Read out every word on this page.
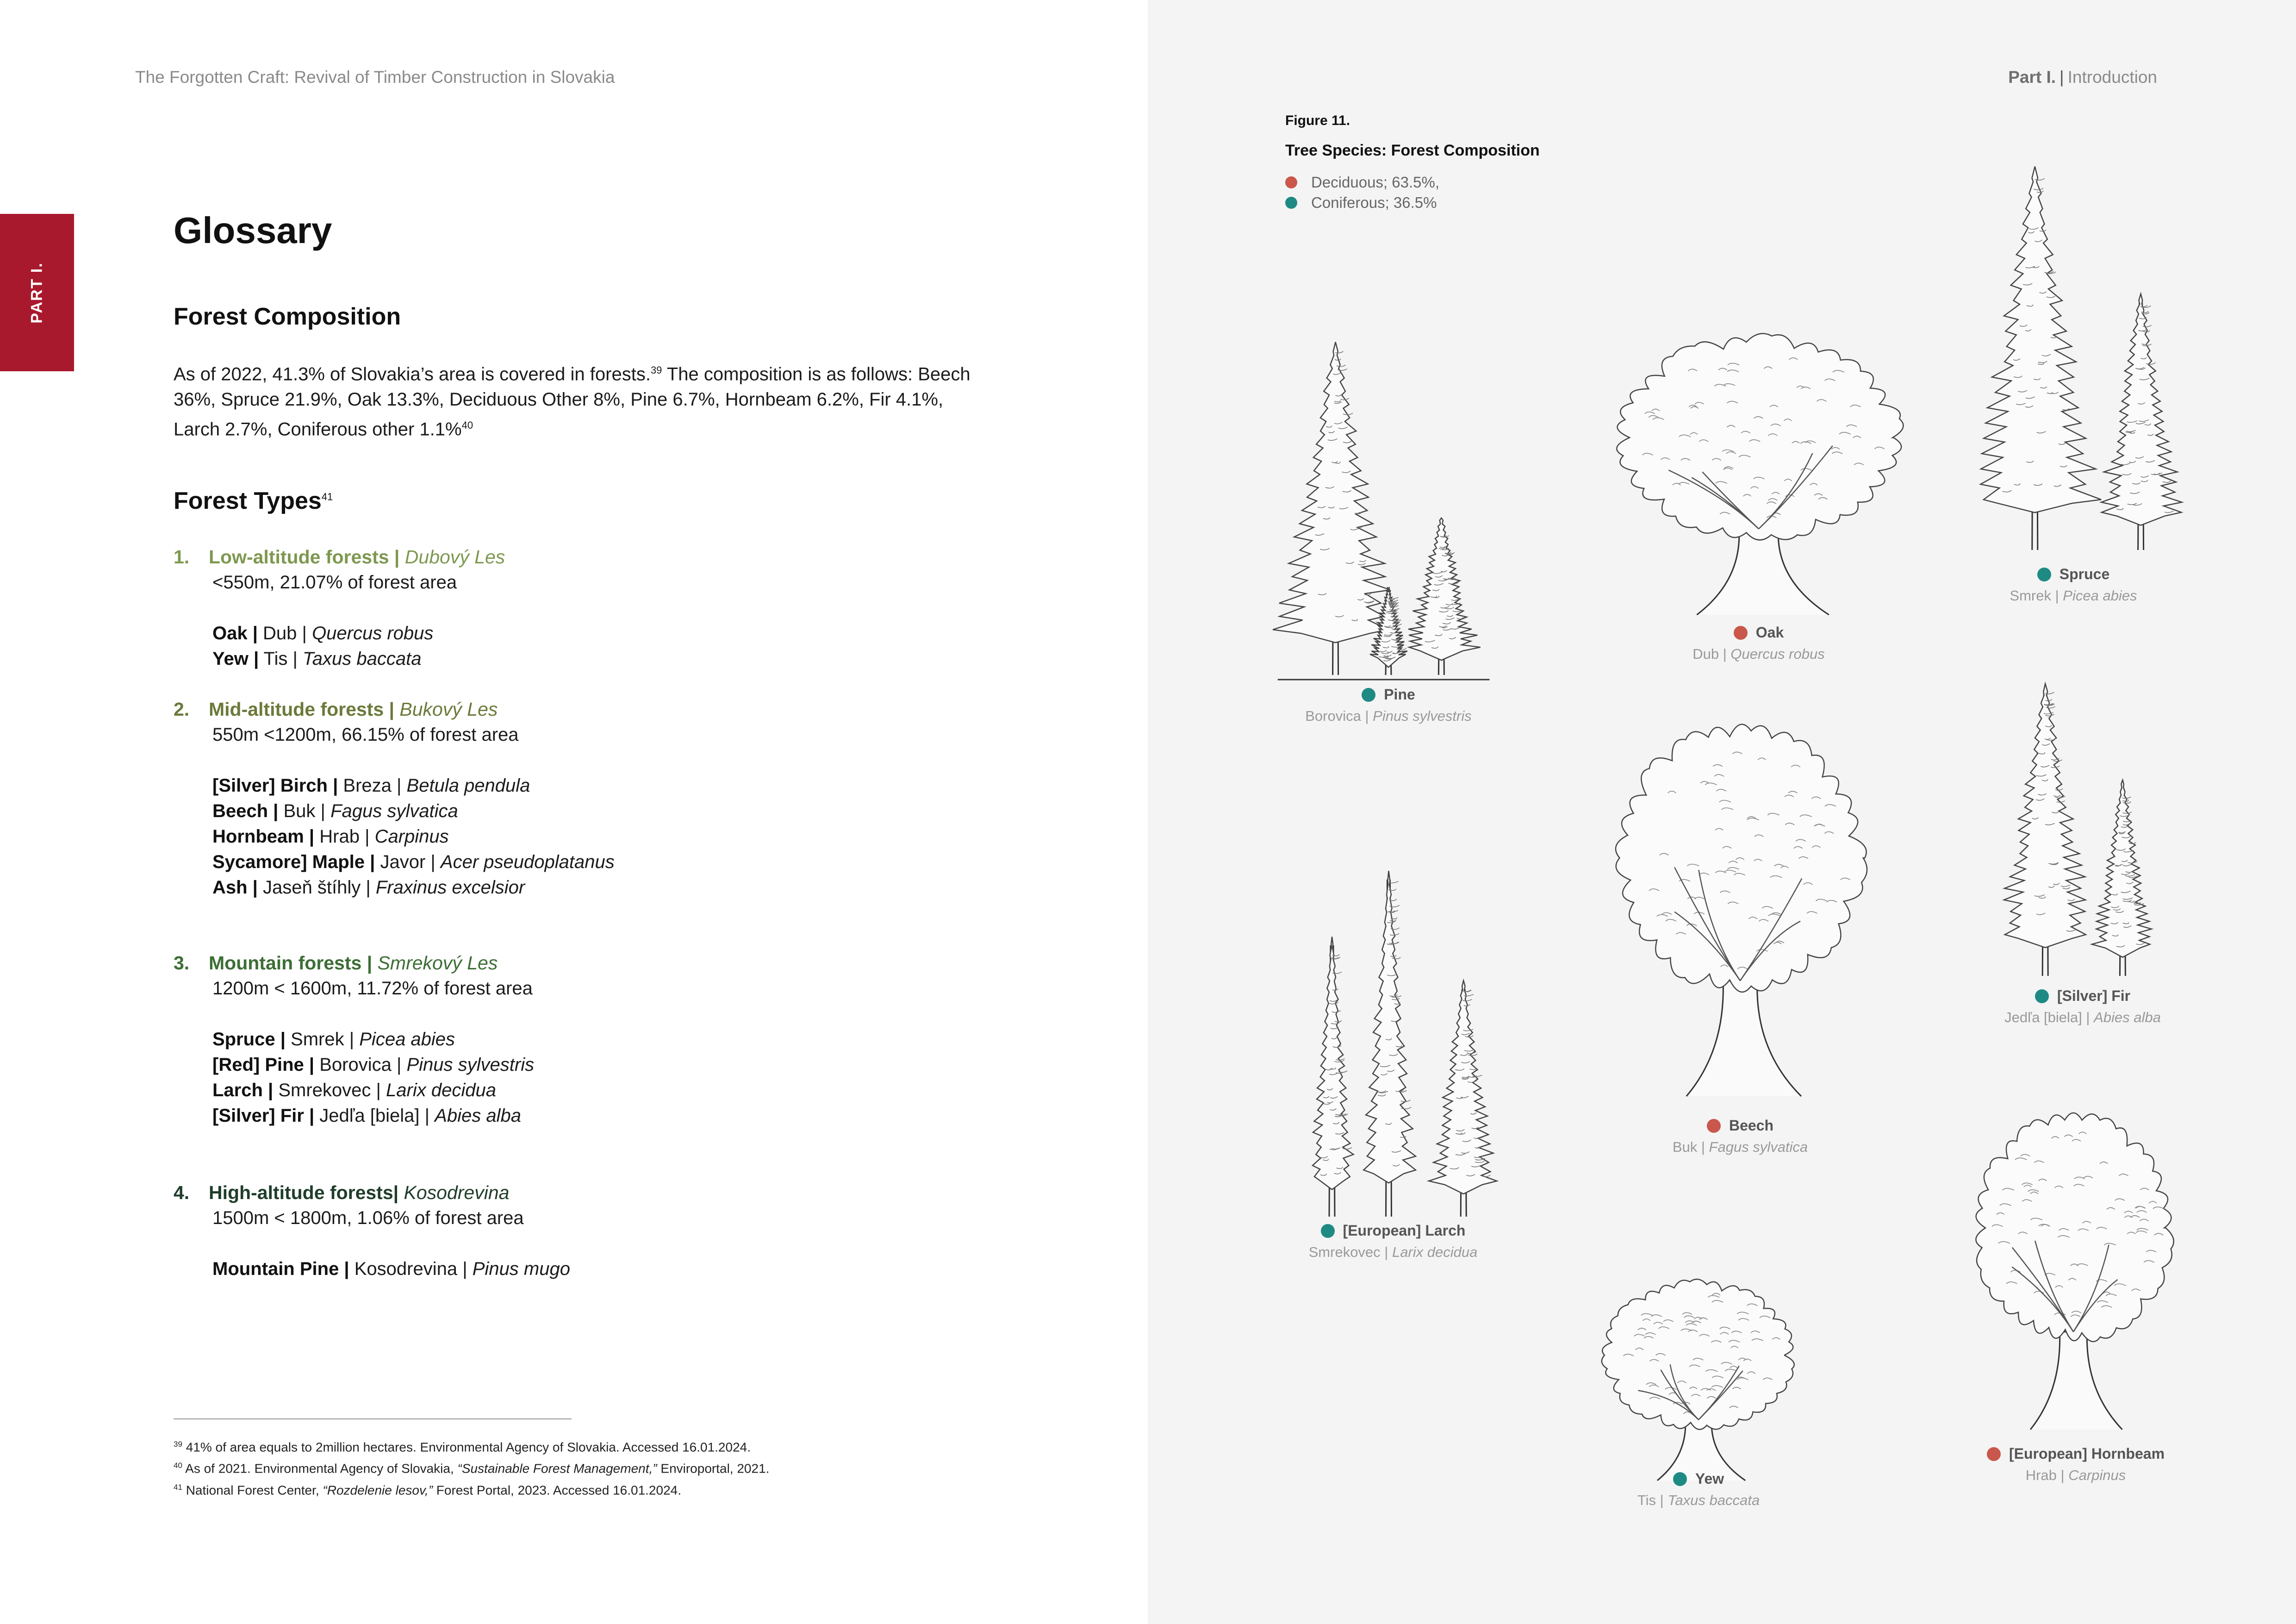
The Forgotten Craft: Revival of Timber Construction in Slovakia
PART I.
Glossary
Forest Composition
As of 2022, 41.3% of Slovakia’s area is covered in forests.$^{39}$ The composition is as follows: Beech 36%, Spruce 21.9%, Oak 13.3%, Deciduous Other 8%, Pine 6.7%, Hornbeam 6.2%, Fir 4.1%, Larch 2.7%, Coniferous other 1.1%$^{40}$
Forest Types$^{41}$
1. Low-altitude forests | Dubový Les
<550m, 21.07% of forest area
Oak | Dub | Quercus robus
Yew | Tis | Taxus baccata
2. Mid-altitude forests | Bukový Les
550m <1200m, 66.15% of forest area
[Silver] Birch | Breza | Betula pendula
Beech | Buk | Fagus sylvatica
Hornbeam | Hrab | Carpinus
Sycamore] Maple | Javor | Acer pseudoplatanus
Ash | Jaseň štíhly | Fraxinus excelsior
3. Mountain forests | Smrekový Les
1200m < 1600m, 11.72% of forest area
Spruce | Smrek | Picea abies
[Red] Pine | Borovica | Pinus sylvestris
Larch | Smrekovec | Larix decidua
[Silver] Fir | Jedľa [biela] | Abies alba
4. High-altitude forests| Kosodrevina
1500m < 1800m, 1.06% of forest area
Mountain Pine | Kosodrevina | Pinus mugo
$^{39}$ 41% of area equals to 2million hectares. Environmental Agency of Slovakia. Accessed 16.01.2024.
$^{40}$ As of 2021. Environmental Agency of Slovakia, “Sustainable Forest Management,” Enviroportal, 2021.
$^{41}$ National Forest Center, “Rozdelenie lesov,” Forest Portal, 2023. Accessed 16.01.2024.
Part I. | Introduction
Figure 11.
Tree Species: Forest Composition
Deciduous; 63.5%,
Coniferous; 36.5%
Pine
Borovica | Pinus sylvestris
Oak
Dub | Quercus robus
Spruce
Smrek | Picea abies
[European] Larch
Smrekovec | Larix decidua
Beech
Buk | Fagus sylvatica
[Silver] Fir
Jedľa [biela] | Abies alba
Yew
Tis | Taxus baccata
[European] Hornbeam
Hrab | Carpinus
